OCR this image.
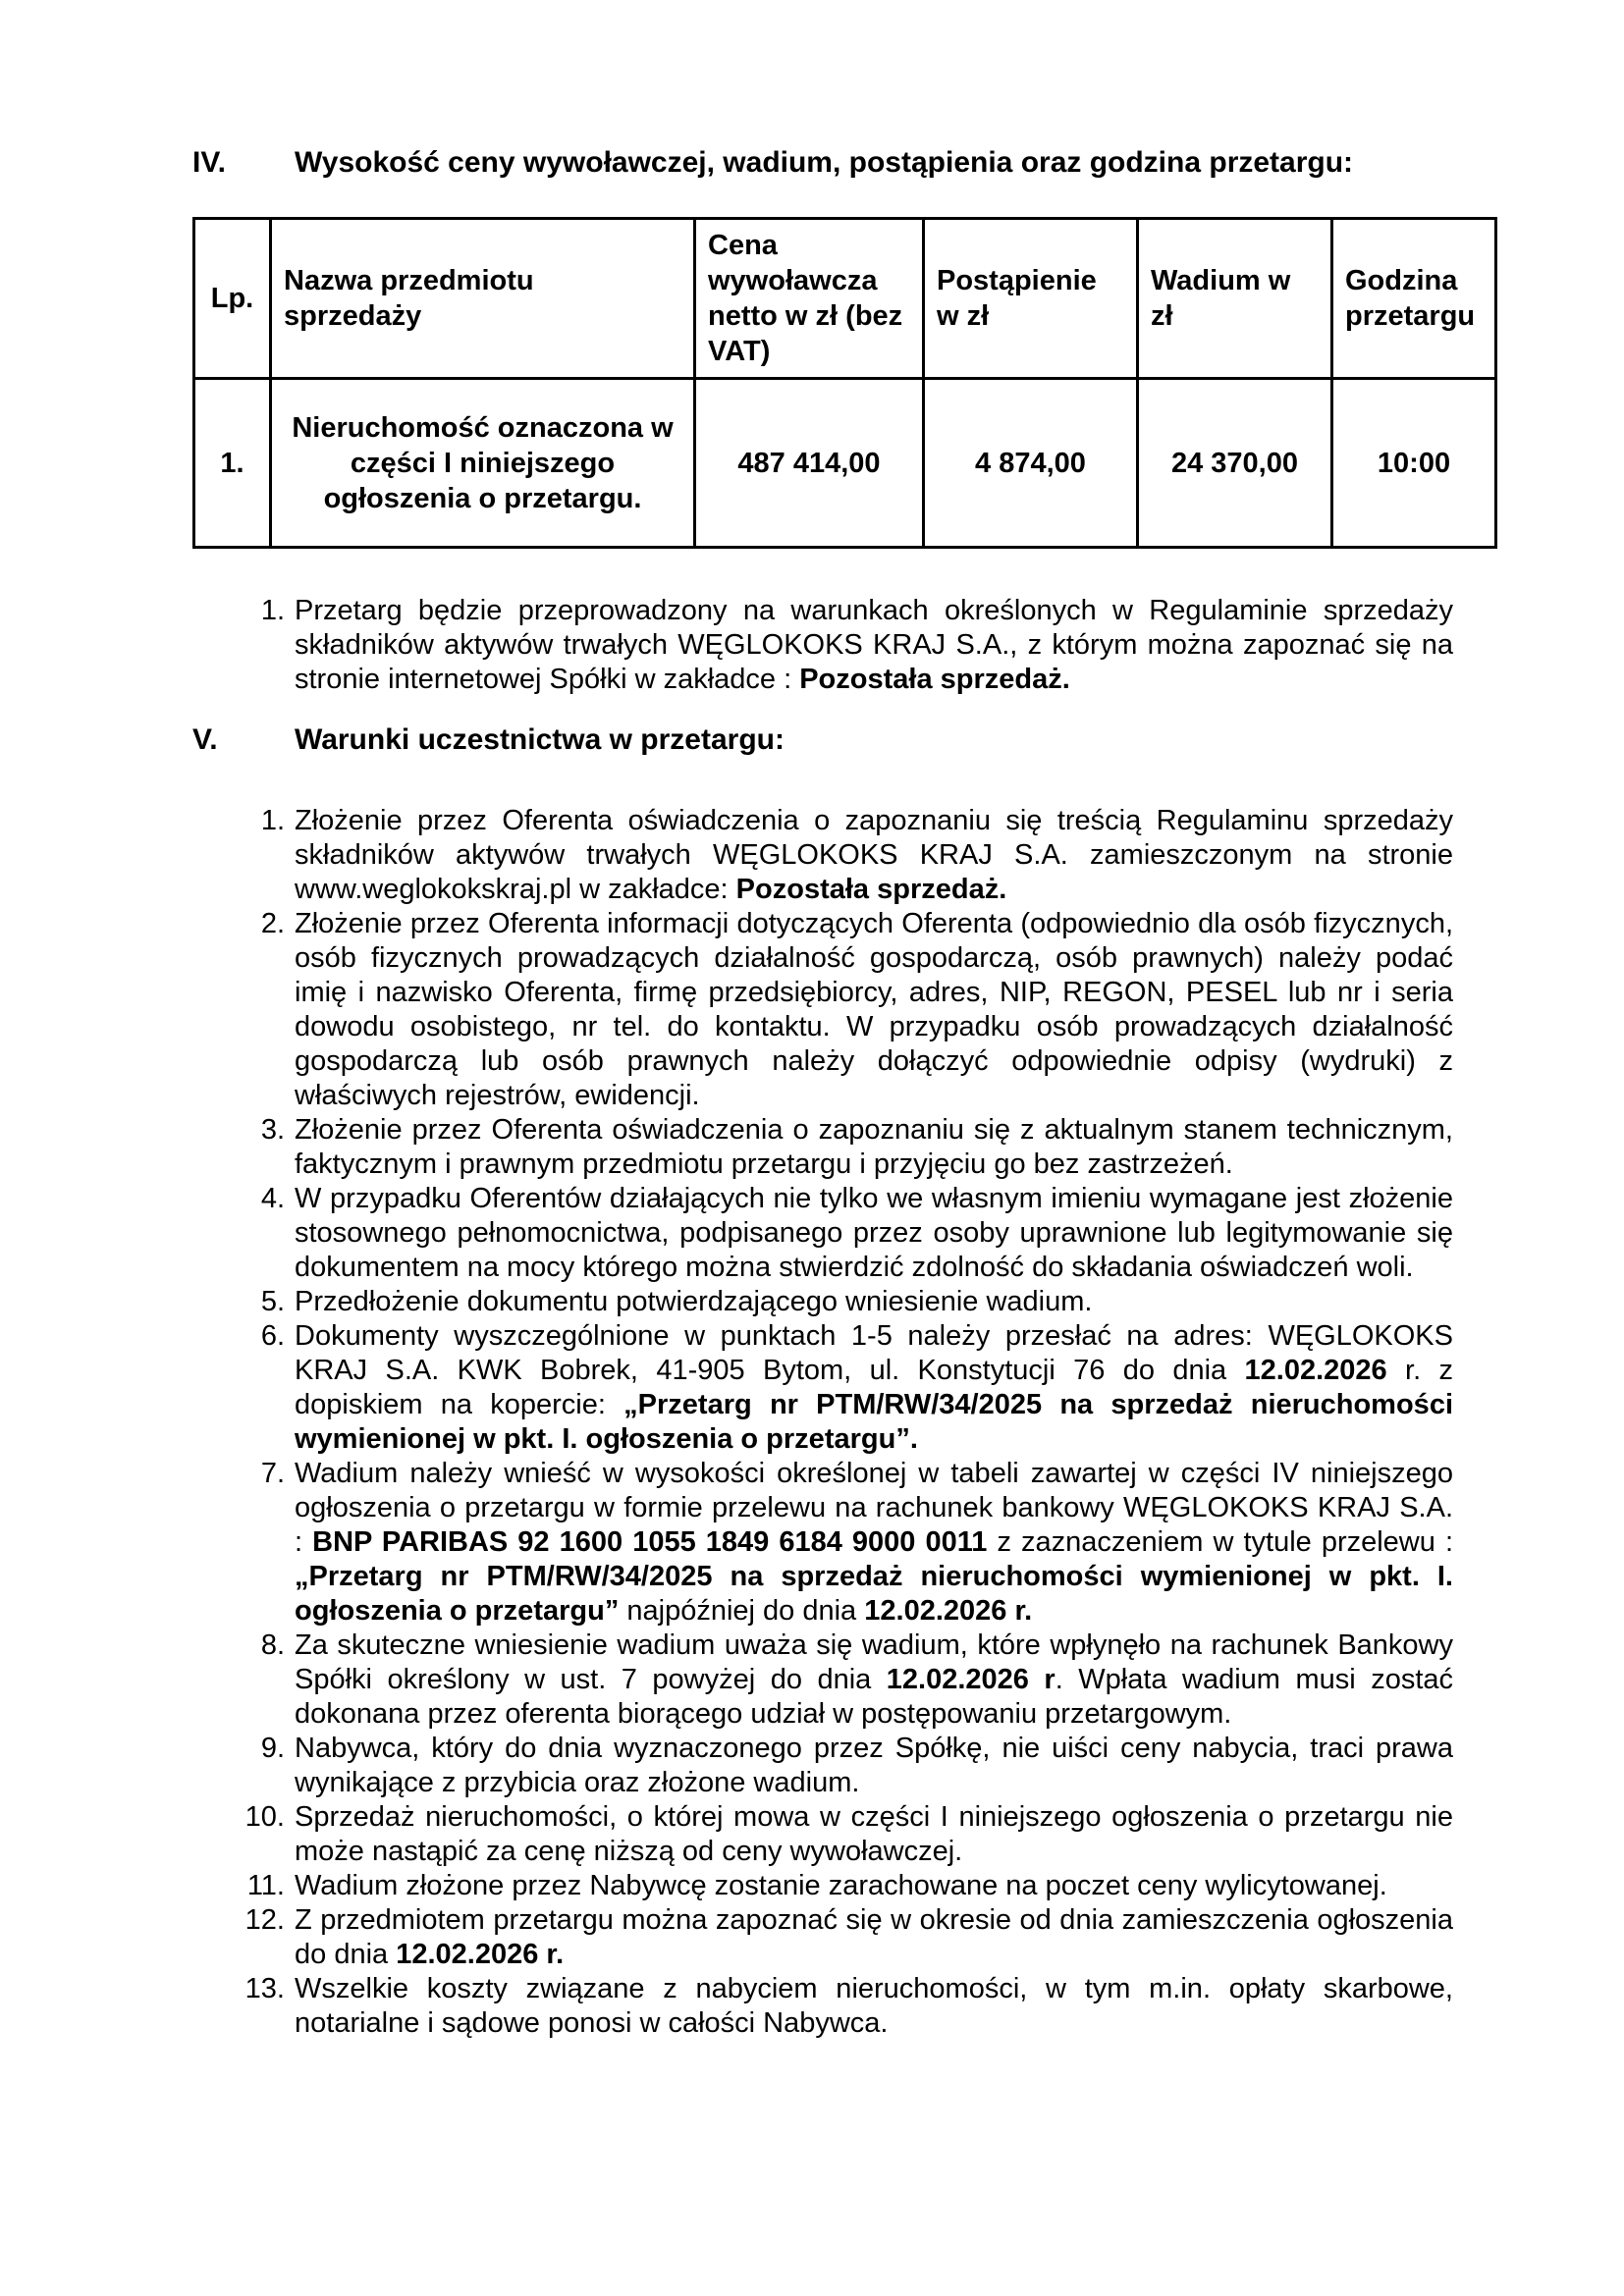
IV. Wysokość ceny wywoławczej, wadium, postąpienia oraz godzina przetargu:
Lp.	Nazwa przedmiotu sprzedaży	Cena wywoławcza netto w zł (bez VAT)	Postąpienie w zł	Wadium w zł	Godzina przetargu
1.	Nieruchomość oznaczona w części I niniejszego ogłoszenia o przetargu.	487 414,00	4 874,00	24 370,00	10:00
1. Przetarg będzie przeprowadzony na warunkach określonych w Regulaminie sprzedaży składników aktywów trwałych WĘGLOKOKS KRAJ S.A., z którym można zapoznać się na stronie internetowej Spółki w zakładce : Pozostała sprzedaż.
V.	Warunki uczestnictwa w przetargu:
1. Złożenie przez Oferenta oświadczenia o zapoznaniu się treścią Regulaminu sprzedaży składników aktywów trwałych WĘGLOKOKS KRAJ S.A. zamieszczonym na stronie www.weglokokskraj.pl w zakładce: Pozostała sprzedaż.
2. Złożenie przez Oferenta informacji dotyczących Oferenta (odpowiednio dla osób fizycznych, osób fizycznych prowadzących działalność gospodarczą, osób prawnych) należy podać imię i nazwisko Oferenta, firmę przedsiębiorcy, adres, NIP, REGON, PESEL lub nr i seria dowodu osobistego, nr tel. do kontaktu. W przypadku osób prowadzących działalność gospodarczą lub osób prawnych należy dołączyć odpowiednie odpisy (wydruki) z właściwych rejestrów, ewidencji.
3. Złożenie przez Oferenta oświadczenia o zapoznaniu się z aktualnym stanem technicznym, faktycznym i prawnym przedmiotu przetargu i przyjęciu go bez zastrzeżeń.
4. W przypadku Oferentów działających nie tylko we własnym imieniu wymagane jest złożenie stosownego pełnomocnictwa, podpisanego przez osoby uprawnione lub legitymowanie się dokumentem na mocy którego można stwierdzić zdolność do składania oświadczeń woli.
5. Przedłożenie dokumentu potwierdzającego wniesienie wadium.
6. Dokumenty wyszczególnione w punktach 1-5 należy przesłać na adres: WĘGLOKOKS KRAJ S.A. KWK Bobrek, 41-905 Bytom, ul. Konstytucji 76 do dnia 12.02.2026 r. z dopiskiem na kopercie: „Przetarg nr PTM/RW/34/2025 na sprzedaż nieruchomości wymienionej w pkt. I. ogłoszenia o przetargu”.
7. Wadium należy wnieść w wysokości określonej w tabeli zawartej w części IV niniejszego ogłoszenia o przetargu w formie przelewu na rachunek bankowy WĘGLOKOKS KRAJ S.A. : BNP PARIBAS 92 1600 1055 1849 6184 9000 0011 z zaznaczeniem w tytule przelewu : „Przetarg nr PTM/RW/34/2025 na sprzedaż nieruchomości wymienionej w pkt. I. ogłoszenia o przetargu” najpóźniej do dnia 12.02.2026 r.
8. Za skuteczne wniesienie wadium uważa się wadium, które wpłynęło na rachunek Bankowy Spółki określony w ust. 7 powyżej do dnia 12.02.2026 r. Wpłata wadium musi zostać dokonana przez oferenta biorącego udział w postępowaniu przetargowym.
9. Nabywca, który do dnia wyznaczonego przez Spółkę, nie uiści ceny nabycia, traci prawa wynikające z przybicia oraz złożone wadium.
10. Sprzedaż nieruchomości, o której mowa w części I niniejszego ogłoszenia o przetargu nie może nastąpić za cenę niższą od ceny wywoławczej.
11. Wadium złożone przez Nabywcę zostanie zarachowane na poczet ceny wylicytowanej.
12. Z przedmiotem przetargu można zapoznać się w okresie od dnia zamieszczenia ogłoszenia do dnia 12.02.2026 r.
13. Wszelkie koszty związane z nabyciem nieruchomości, w tym m.in. opłaty skarbowe, notarialne i sądowe ponosi w całości Nabywca.
